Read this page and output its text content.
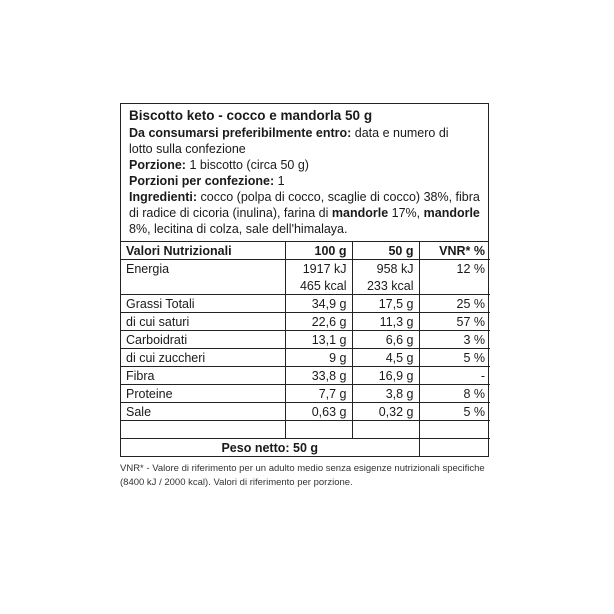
Biscotto keto - cocco e mandorla 50 g

Da consumarsi preferibilmente entro: data e numero di

lotto sulla confezione

Porzione: 1 biscotto (circa 50 g)

Porzioni per confezione: 1

Ingredienti: cocco (polpa di cocco, scaglie di cocco) 38%, fibra

di radice di cicoria (inulina), farina di mandorle 17%, mandorle

8%, lecitina di colza, sale dell'himalaya.

Valori Nutrizionali	100 g	50 g	VNR* %
Energia	1917 kJ	958 kJ	12 %
	465 kcal	233 kcal	
Grassi Totali	34,9 g	17,5 g	25 %
di cui saturi	22,6 g	11,3 g	57 %
Carboidrati	13,1 g	6,6 g	3 %
di cui zuccheri	9 g	4,5 g	5 %
Fibra	33,8 g	16,9 g	-
Proteine	7,7 g	3,8 g	8 %
Sale	0,63 g	0,32 g	5 %

Peso netto: 50 g			
VNR* - Valore di riferimento per un adulto medio senza esigenze nutrizionali specifiche
(8400 kJ / 2000 kcal). Valori di riferimento per porzione.
